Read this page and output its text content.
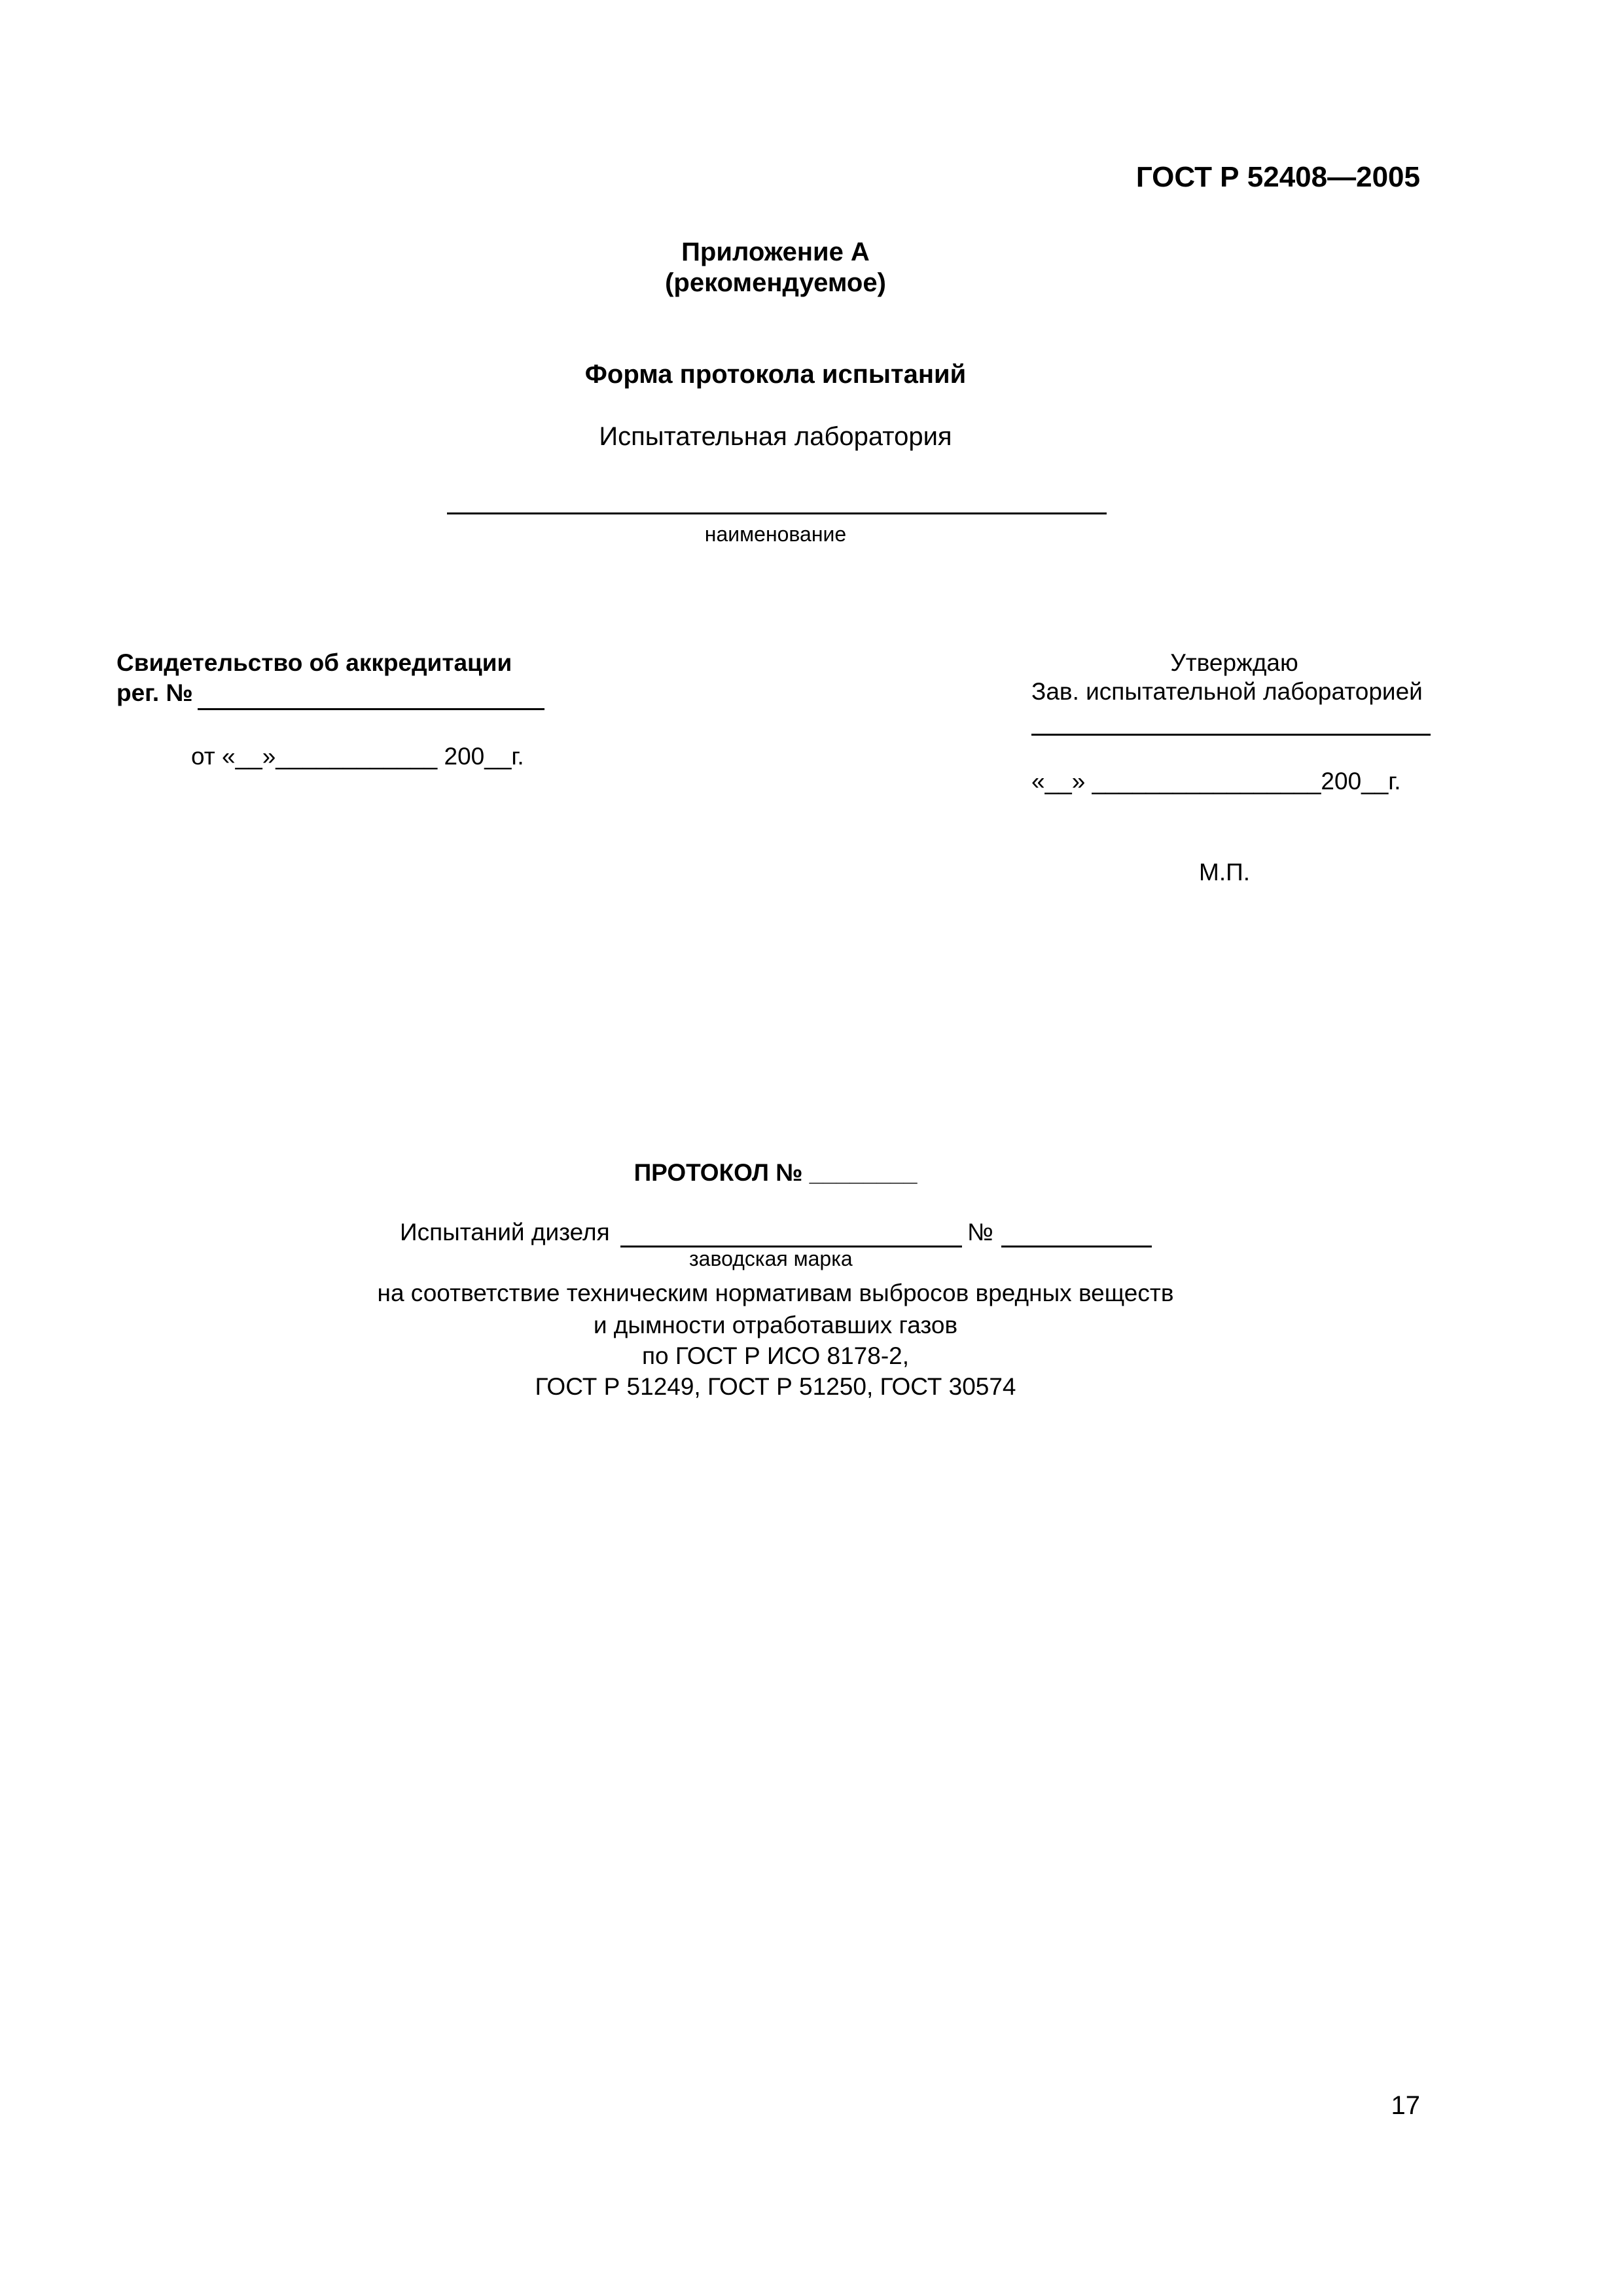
ГОСТ Р 52408—2005
Приложение А
(рекомендуемое)
Форма протокола испытаний
Испытательная лаборатория
наименование
Свидетельство об аккредитации
рег. №
от «__»____________ 200__г.
Утверждаю
Зав. испытательной лабораторией
«__» _________________200__г.
М.П.
ПРОТОКОЛ № ________
Испытаний дизеля	№
заводская марка
на соответствие техническим нормативам выбросов вредных веществ
и дымности отработавших газов
по ГОСТ Р ИСО 8178-2,
ГОСТ Р 51249, ГОСТ Р 51250, ГОСТ 30574
17
